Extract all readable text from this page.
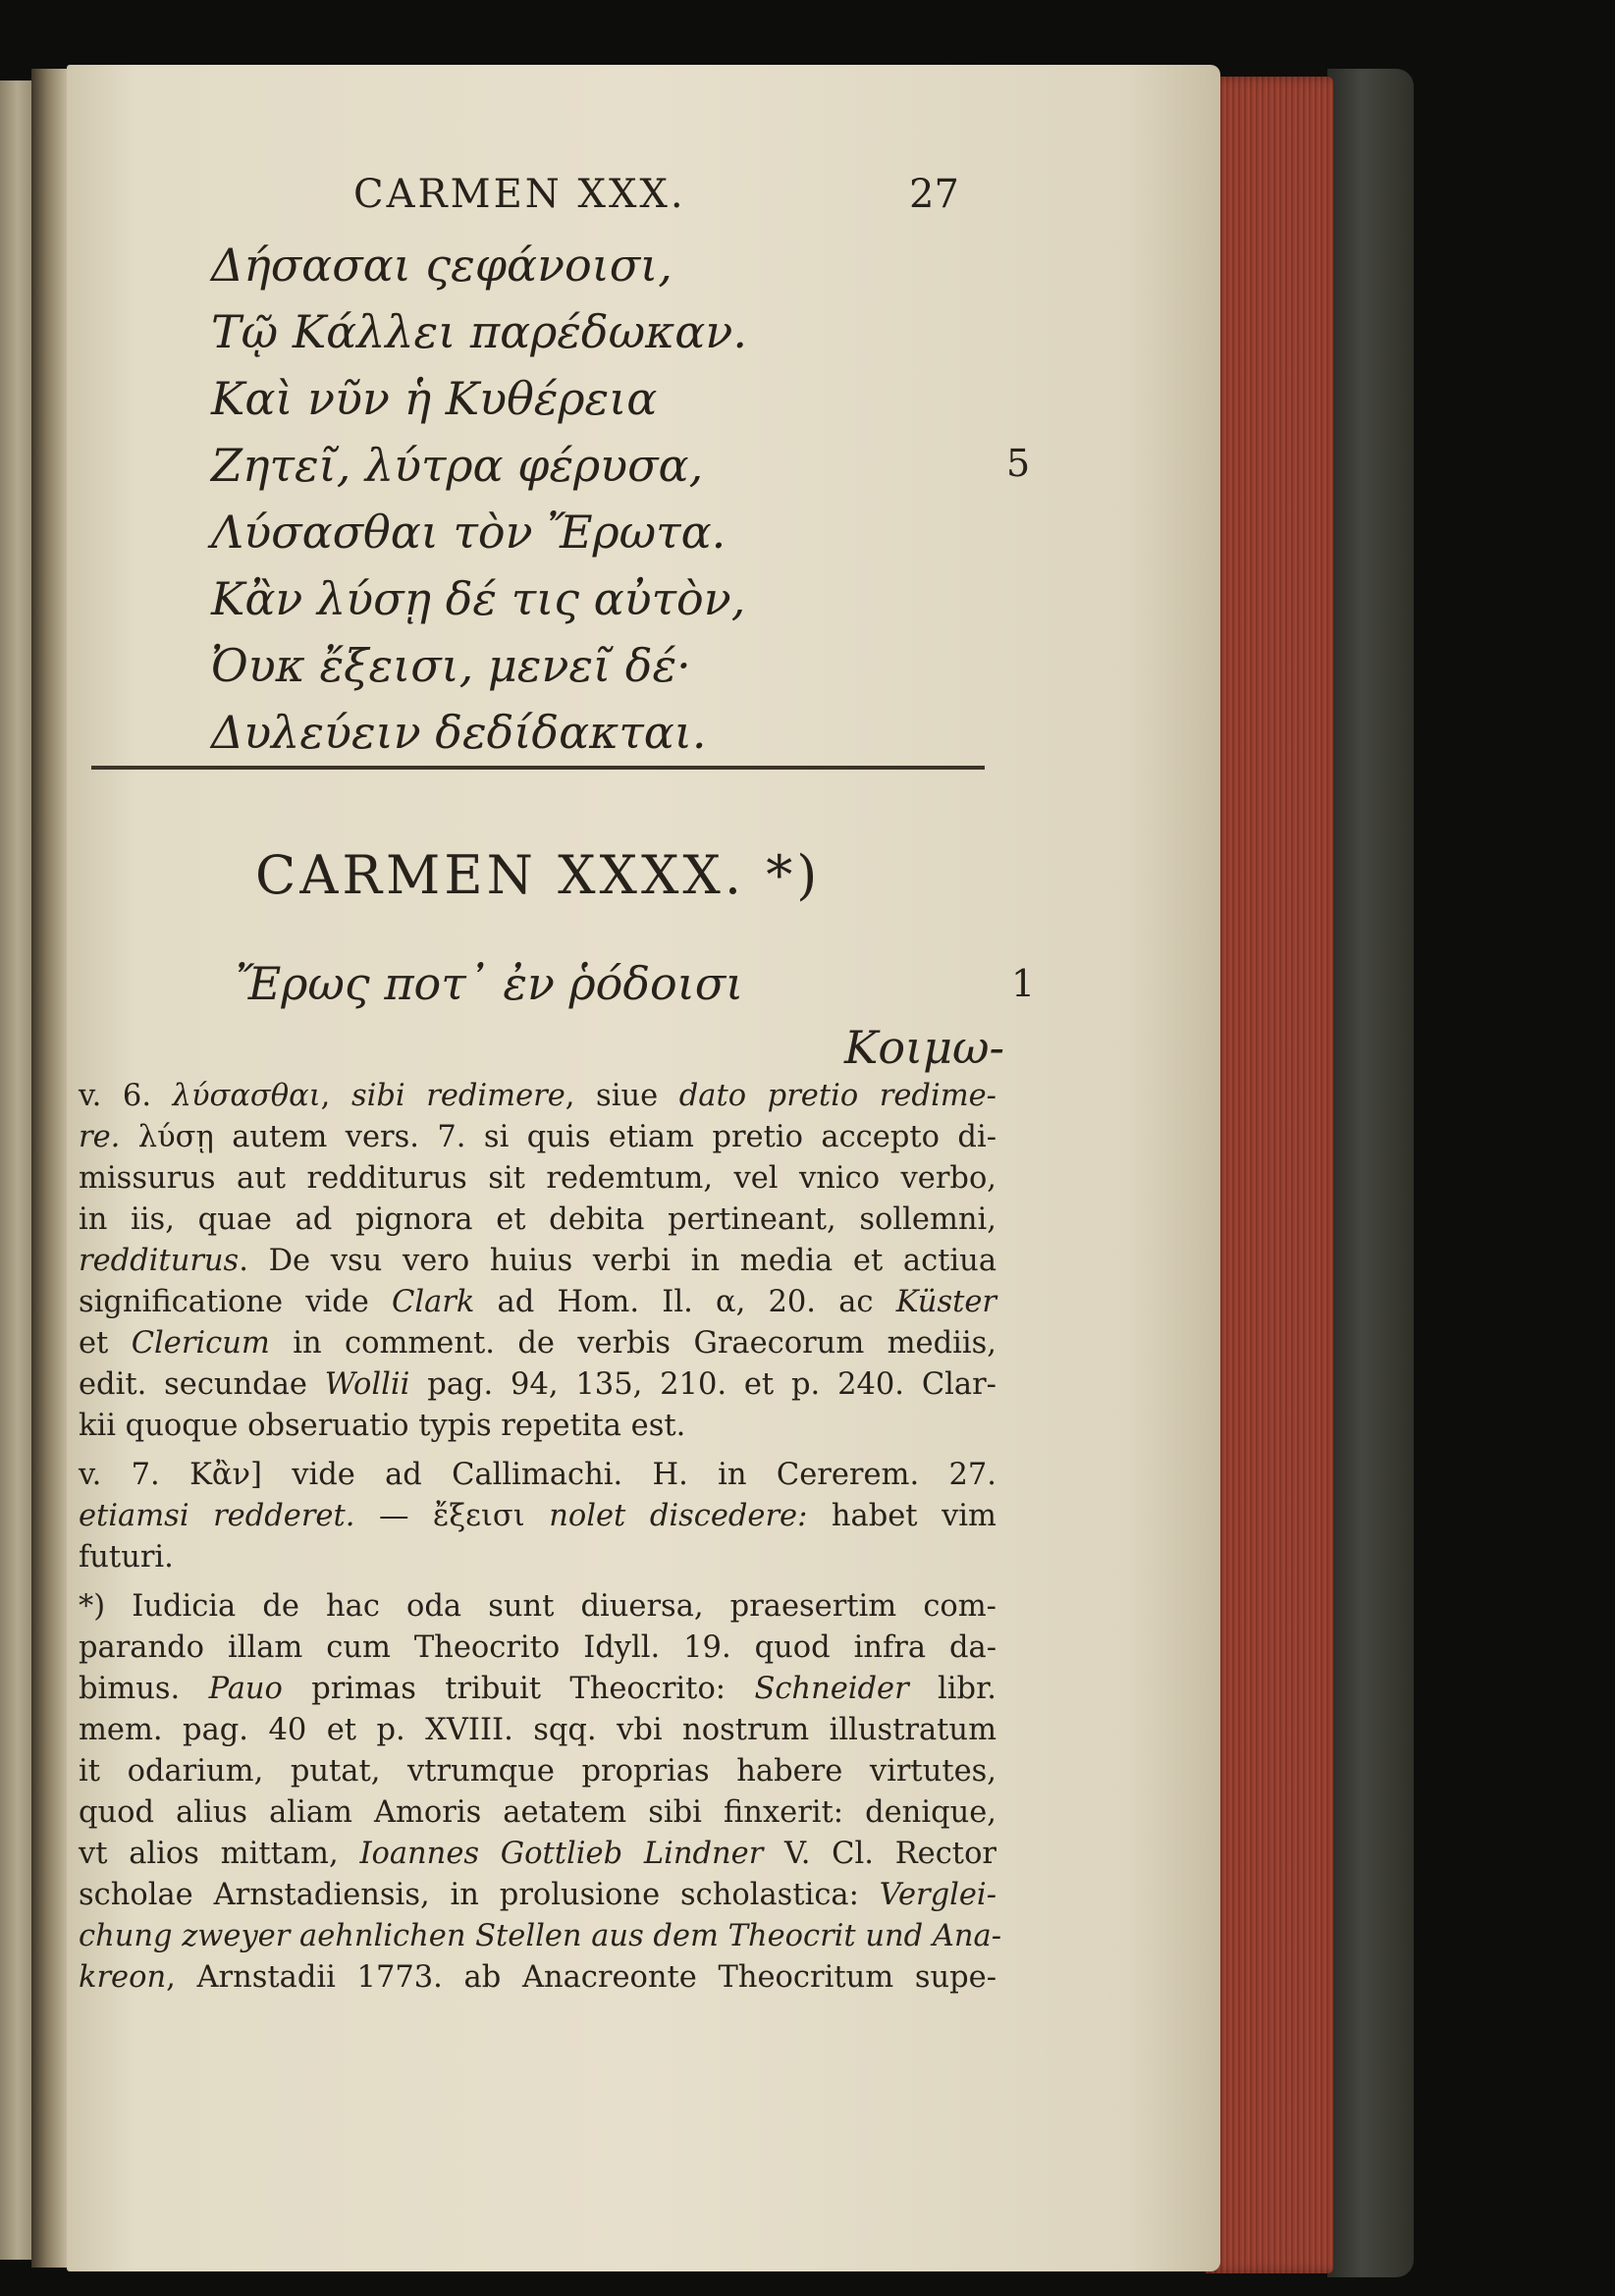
CARMEN XXX.	27
Δήσασαι ςεφάνοισι,
Τῷ Κάλλει παρέδωκαν.
Καὶ νῦν ἡ Κυθέρεια
Ζητεῖ, λύτρα φέρυσα,
Λύσασθαι τὸν Ἔρωτα.
Κἂν λύσῃ δέ τις αὐτὸν,
Ὀυκ ἔξεισι, μενεῖ δέ·
Δυλεύειν δεδίδακται.
5
CARMEN XXXX. *)
Ἔρως ποτ᾽ ἐν ῥόδοισι	1
Κοιμω-
v. 6. λύσασθαι, sibi redimere, siue dato pretio redime-
re. λύσῃ autem vers. 7. si quis etiam pretio accepto di-
missurus aut redditurus sit redemtum, vel vnico verbo,
in iis, quae ad pignora et debita pertineant, sollemni,
redditurus. De vsu vero huius verbi in media et actiua
significatione vide Clark ad Hom. Il. α, 20. ac Küster
et Clericum in comment. de verbis Graecorum mediis,
edit. secundae Wollii pag. 94, 135, 210. et p. 240. Clar-
kii quoque obseruatio typis repetita est.
v. 7. Κἂν] vide ad Callimachi. H. in Cererem. 27.
etiamsi redderet. — ἔξεισι nolet discedere: habet vim
futuri.
*) Iudicia de hac oda sunt diuersa, praesertim com-
parando illam cum Theocrito Idyll. 19. quod infra da-
bimus. Pauo primas tribuit Theocrito: Schneider libr.
mem. pag. 40 et p. XVIII. sqq. vbi nostrum illustratum
it odarium, putat, vtrumque proprias habere virtutes,
quod alius aliam Amoris aetatem sibi finxerit: denique,
vt alios mittam, Ioannes Gottlieb Lindner V. Cl. Rector
scholae Arnstadiensis, in prolusione scholastica: Verglei-
chung zweyer aehnlichen Stellen aus dem Theocrit und Ana-
kreon, Arnstadii 1773. ab Anacreonte Theocritum supe-
